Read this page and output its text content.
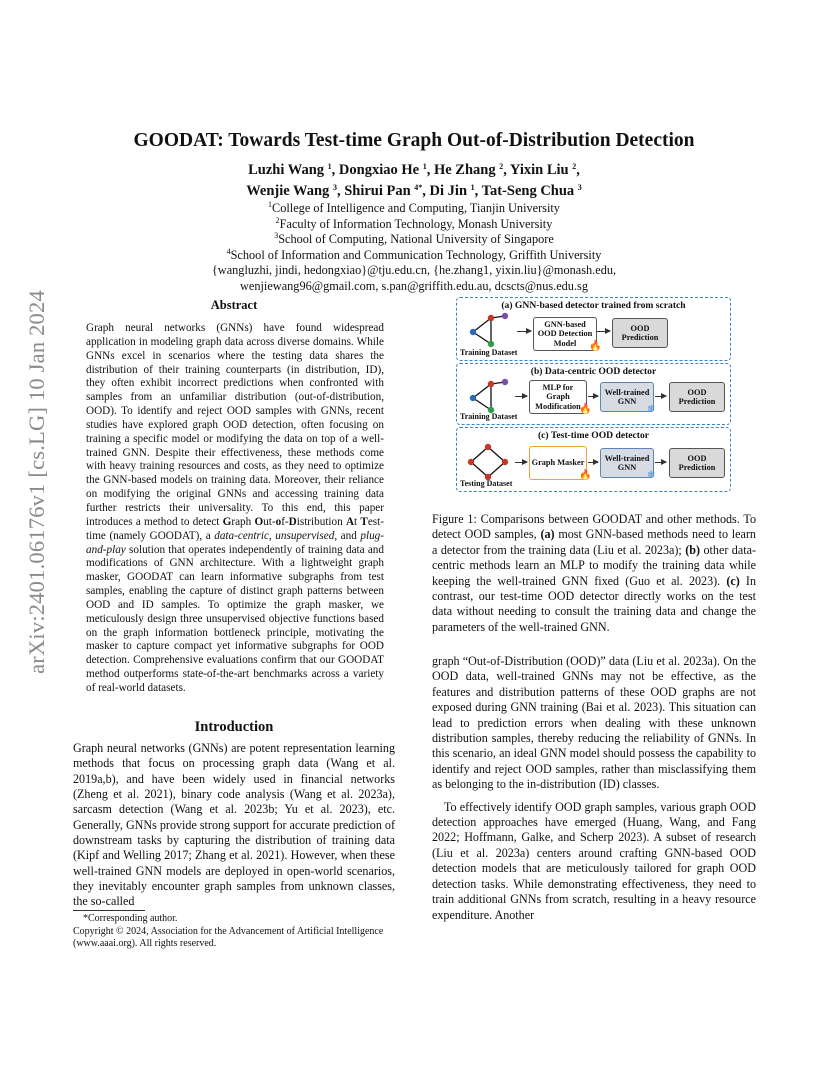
arXiv:2401.06176v1 [cs.LG] 10 Jan 2024
GOODAT: Towards Test-time Graph Out-of-Distribution Detection
Luzhi Wang $^1$, Dongxiao He $^1$, He Zhang $^2$, Yixin Liu $^2$,
Wenjie Wang $^3$, Shirui Pan $^{4*}$, Di Jin $^1$, Tat-Seng Chua $^3$
$^1$College of Intelligence and Computing, Tianjin University
$^2$Faculty of Information Technology, Monash University
$^3$School of Computing, National University of Singapore
$^4$School of Information and Communication Technology, Griffith University
{wangluzhi, jindi, hedongxiao}@tju.edu.cn, {he.zhang1, yixin.liu}@monash.edu,
wenjiewang96@gmail.com, s.pan@griffith.edu.au, dcscts@nus.edu.sg
Abstract
Graph neural networks (GNNs) have found widespread application in modeling graph data across diverse domains. While GNNs excel in scenarios where the testing data shares the distribution of their training counterparts (in distribution, ID), they often exhibit incorrect predictions when confronted with samples from an unfamiliar distribution (out-of-distribution, OOD). To identify and reject OOD samples with GNNs, recent studies have explored graph OOD detection, often focusing on training a specific model or modifying the data on top of a well-trained GNN. Despite their effectiveness, these methods come with heavy training resources and costs, as they need to optimize the GNN-based models on training data. Moreover, their reliance on modifying the original GNNs and accessing training data further restricts their universality. To this end, this paper introduces a method to detect Graph Out-of-Distribution At Test-time (namely GOODAT), a data-centric, unsupervised, and plug-and-play solution that operates independently of training data and modifications of GNN architecture. With a lightweight graph masker, GOODAT can learn informative subgraphs from test samples, enabling the capture of distinct graph patterns between OOD and ID samples. To optimize the graph masker, we meticulously design three unsupervised objective functions based on the graph information bottleneck principle, motivating the masker to capture compact yet informative subgraphs for OOD detection. Comprehensive evaluations confirm that our GOODAT method outperforms state-of-the-art benchmarks across a variety of real-world datasets.
Introduction
Graph neural networks (GNNs) are potent representation learning methods that focus on processing graph data (Wang et al. 2019a,b), and have been widely used in financial networks (Zheng et al. 2021), binary code analysis (Wang et al. 2023a), sarcasm detection (Wang et al. 2023b; Yu et al. 2023), etc. Generally, GNNs provide strong support for accurate prediction of downstream tasks by capturing the distribution of training data (Kipf and Welling 2017; Zhang et al. 2021). However, when these well-trained GNN models are deployed in open-world scenarios, they inevitably encounter graph samples from unknown classes, the so-called
*Corresponding author.
Copyright © 2024, Association for the Advancement of Artificial Intelligence (www.aaai.org). All rights reserved.
(a) GNN-based detector trained from scratch
Training Dataset
GNN-based OOD Detection Model	🔥
OOD Prediction
(b) Data-centric OOD detector
Training Dataset
MLP for Graph Modification
🔥
Well-trained GNN
❄
OOD Prediction
(c) Test-time OOD detector
Testing Dataset
Graph Masker
🔥
Well-trained GNN
❄
OOD Prediction
Figure 1: Comparisons between GOODAT and other methods. To detect OOD samples, (a) most GNN-based methods need to learn a detector from the training data (Liu et al. 2023a); (b) other data-centric methods learn an MLP to modify the training data while keeping the well-trained GNN fixed (Guo et al. 2023). (c) In contrast, our test-time OOD detector directly works on the test data without needing to consult the training data and change the parameters of the well-trained GNN.

graph “Out-of-Distribution (OOD)” data (Liu et al. 2023a). On the OOD data, well-trained GNNs may not be effective, as the features and distribution patterns of these OOD graphs are not exposed during GNN training (Bai et al. 2023). This situation can lead to prediction errors when dealing with these unknown distribution samples, thereby reducing the reliability of GNNs. In this scenario, an ideal GNN model should possess the capability to identify and reject OOD samples, rather than misclassifying them as belonging to the in-distribution (ID) classes.

To effectively identify OOD graph samples, various graph OOD detection approaches have emerged (Huang, Wang, and Fang 2022; Hoffmann, Galke, and Scherp 2023). A subset of research (Liu et al. 2023a) centers around crafting GNN-based OOD detection models that are meticulously tailored for graph OOD detection tasks. While demonstrating effectiveness, they need to train additional GNNs from scratch, resulting in a heavy resource expenditure. Another
